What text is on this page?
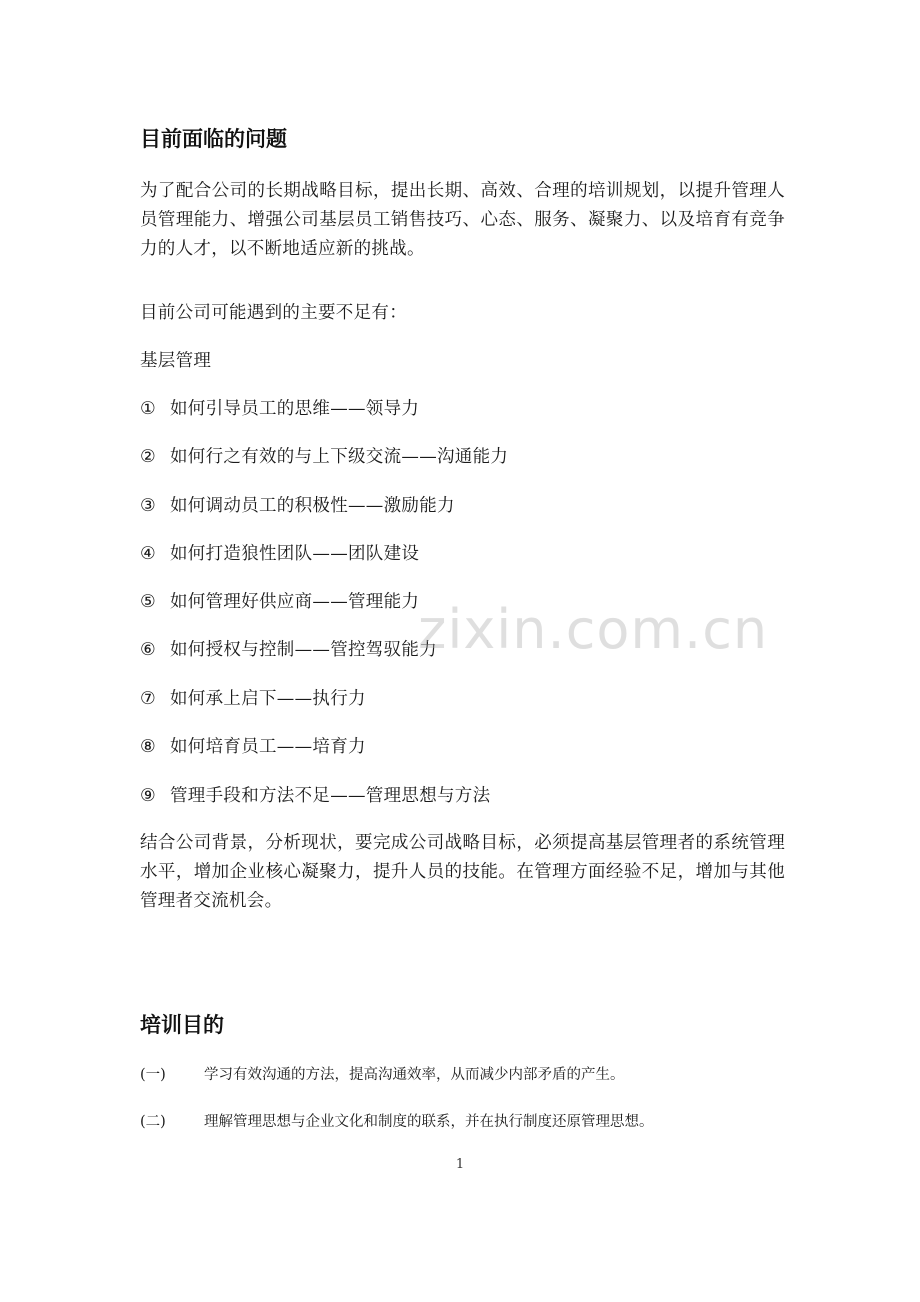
目前面临的问题
为了配合公司的长期战略目标，提出长期、高效、合理的培训规划，以提升管理人员管理能力、增强公司基层员工销售技巧、心态、服务、凝聚力、以及培育有竞争力的人才，以不断地适应新的挑战。
目前公司可能遇到的主要不足有：
基层管理
① 如何引导员工的思维——领导力
② 如何行之有效的与上下级交流——沟通能力
③ 如何调动员工的积极性——激励能力
④ 如何打造狼性团队——团队建设
⑤ 如何管理好供应商——管理能力
⑥ 如何授权与控制——管控驾驭能力
⑦ 如何承上启下——执行力
⑧ 如何培育员工——培育力
⑨ 管理手段和方法不足——管理思想与方法
结合公司背景，分析现状，要完成公司战略目标，必须提高基层管理者的系统管理水平，增加企业核心凝聚力，提升人员的技能。在管理方面经验不足，增加与其他管理者交流机会。
培训目的
(一)	学习有效沟通的方法，提高沟通效率，从而减少内部矛盾的产生。
(二)	理解管理思想与企业文化和制度的联系，并在执行制度还原管理思想。
zixin.com.cn
1
